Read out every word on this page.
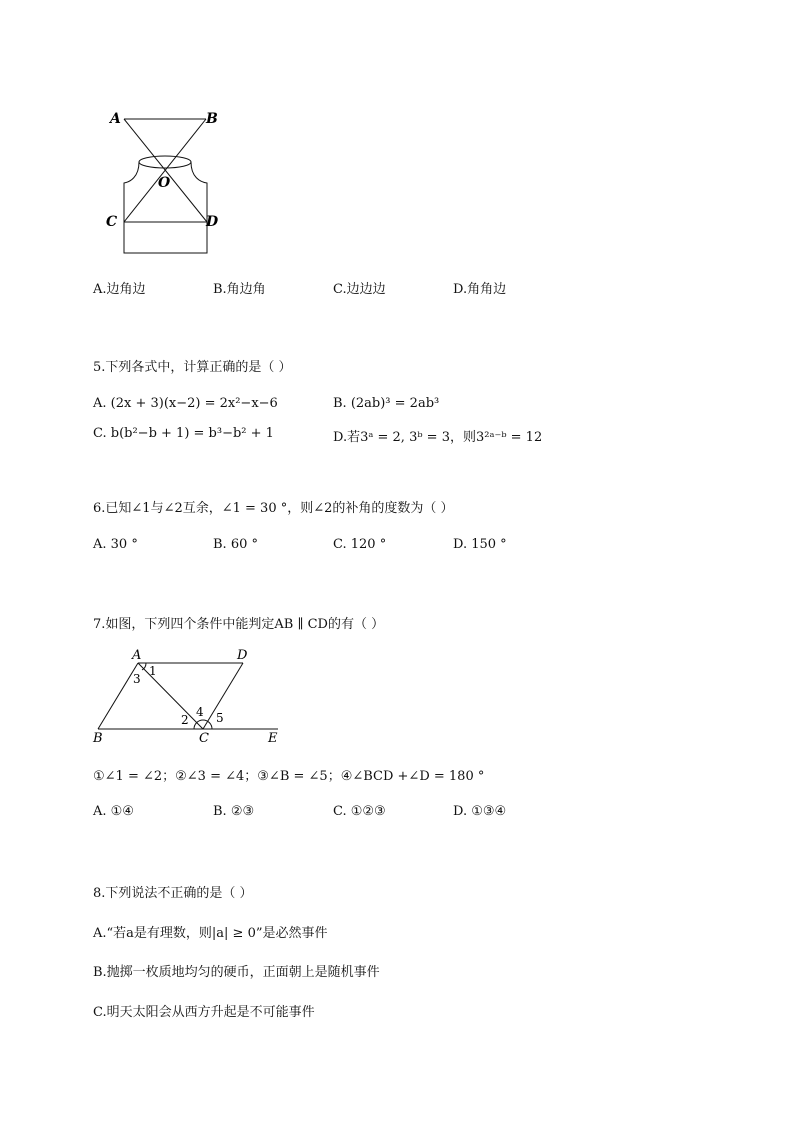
A	B
O
C	D
A.边角边	B.角边角	C.边边边	D.角角边
5.下列各式中，计算正确的是（ ）
A. (2x + 3)(x−2) = 2x²−x−6	B. (2ab)³ = 2ab³
C. b(b²−b + 1) = b³−b² + 1	D.若3ᵃ = 2, 3ᵇ = 3，则3²ᵃ⁻ᵇ = 12
6.已知∠1与∠2互余，∠1 = 30 °，则∠2的补角的度数为（ ）
A. 30 °	B. 60 °	C. 120 °	D. 150 °
7.如图，下列四个条件中能判定AB ∥ CD的有（ ）
A	D
B	C	E
1
3
2
4 5
①∠1 = ∠2；②∠3 = ∠4；③∠B = ∠5；④∠BCD +∠D = 180 °
A. ①④	B. ②③	C. ①②③	D. ①③④
8.下列说法不正确的是（ ）
A.“若a是有理数，则|a| ≥ 0”是必然事件
B.抛掷一枚质地均匀的硬币，正面朝上是随机事件
C.明天太阳会从西方升起是不可能事件
